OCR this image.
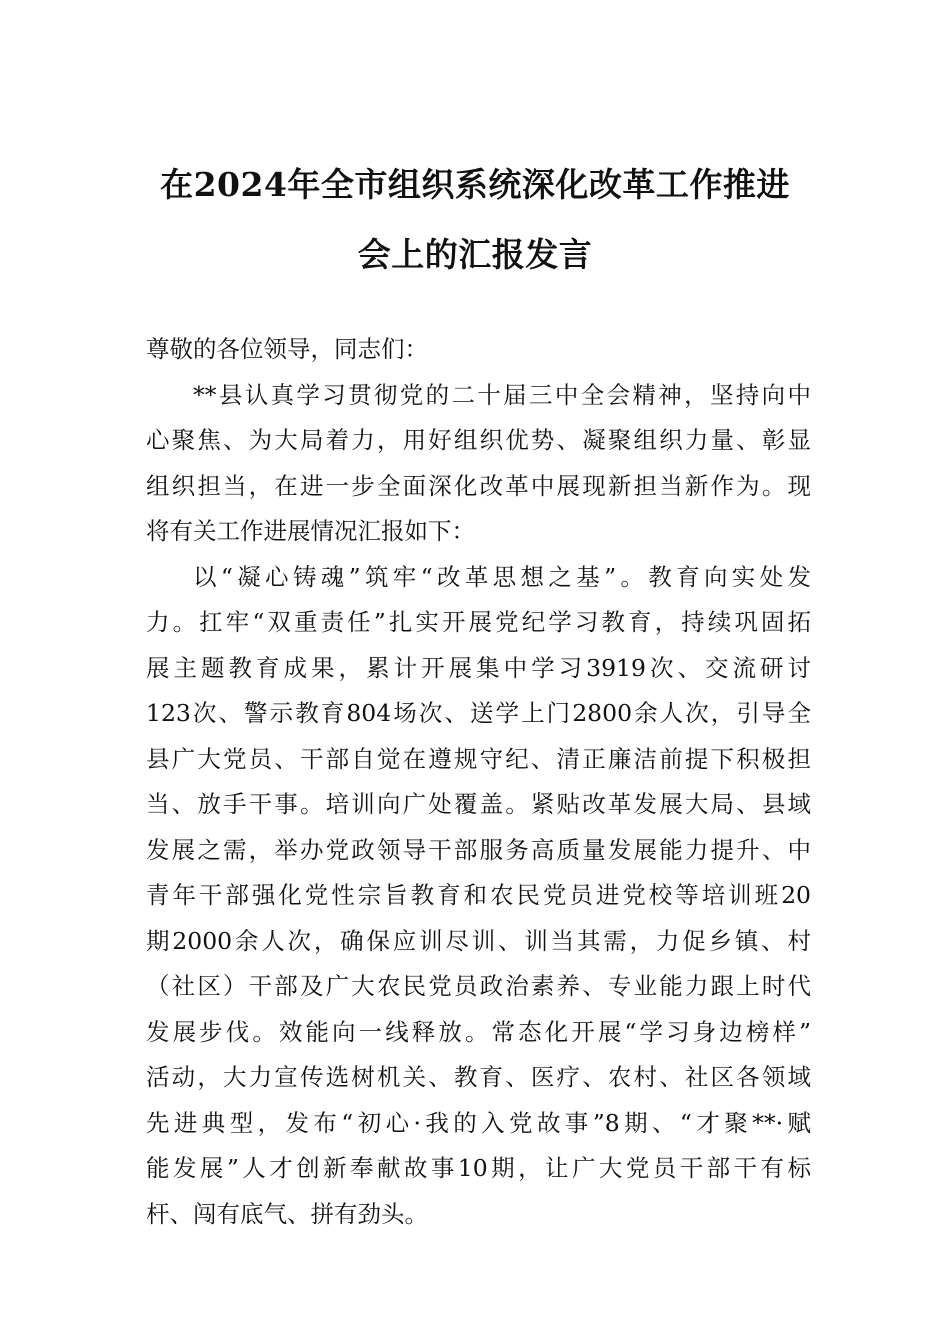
在2024年全市组织系统深化改革工作推进
会上的汇报发言
尊敬的各位领导，同志们：
**县认真学习贯彻党的二十届三中全会精神，坚持向中
心聚焦、为大局着力，用好组织优势、凝聚组织力量、彰显
组织担当，在进一步全面深化改革中展现新担当新作为。现
将有关工作进展情况汇报如下：
以“凝心铸魂”筑牢“改革思想之基”。教育向实处发
力。扛牢“双重责任”扎实开展党纪学习教育，持续巩固拓
展主题教育成果，累计开展集中学习3919次、交流研讨
123次、警示教育804场次、送学上门2800余人次，引导全
县广大党员、干部自觉在遵规守纪、清正廉洁前提下积极担
当、放手干事。培训向广处覆盖。紧贴改革发展大局、县域
发展之需，举办党政领导干部服务高质量发展能力提升、中
青年干部强化党性宗旨教育和农民党员进党校等培训班20
期2000余人次，确保应训尽训、训当其需，力促乡镇、村
（社区）干部及广大农民党员政治素养、专业能力跟上时代
发展步伐。效能向一线释放。常态化开展“学习身边榜样”
活动，大力宣传选树机关、教育、医疗、农村、社区各领域
先进典型，发布“初心·我的入党故事”8期、“才聚**·赋
能发展”人才创新奉献故事10期，让广大党员干部干有标
杆、闯有底气、拼有劲头。
